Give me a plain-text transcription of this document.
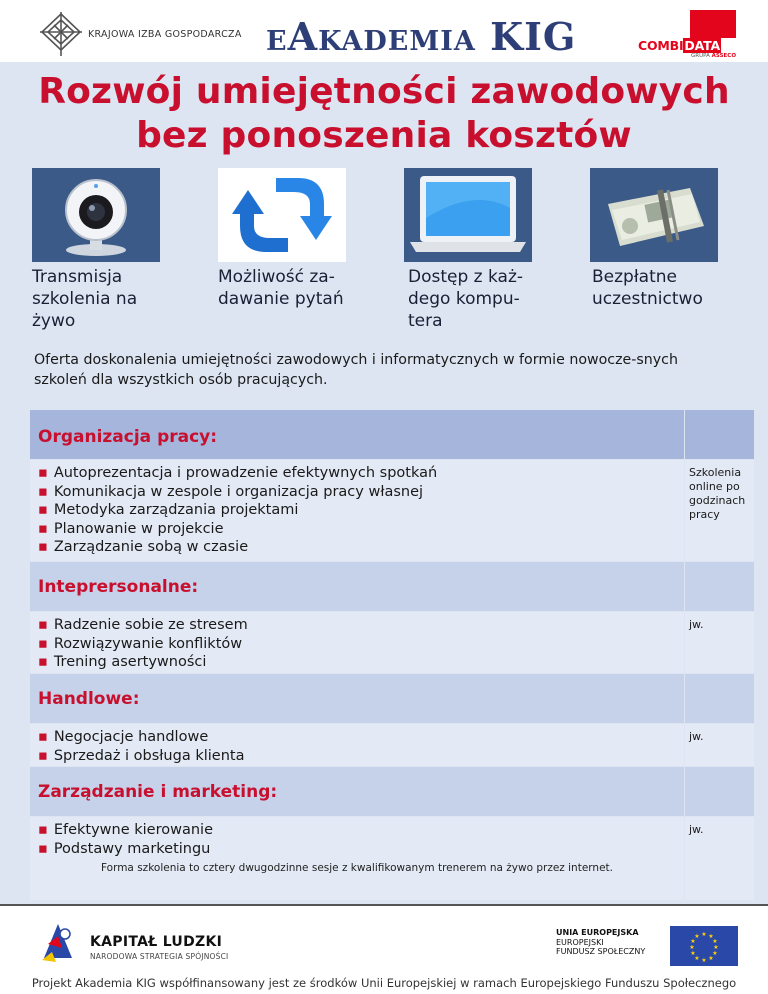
KRAJOWA IZBA GOSPODARCZA eAkademia KIG	COMBIDATA
GRUPA ASSECO
Rozwój umiejętności zawodowych
bez ponoszenia kosztów
Transmisja
szkolenia na
żywo
Możliwość za-
dawanie pytań
Dostęp z każ-
dego kompu-
tera
Bezpłatne
uczestnictwo
Oferta doskonalenia umiejętności zawodowych i informatycznych w formie nowocze-snych szkoleń dla wszystkich osób pracujących.
Organizacja pracy:
▪ Autoprezentacja i prowadzenie efektywnych spotkań
▪ Komunikacja w zespole i organizacja pracy własnej
▪ Metodyka zarządzania projektami
▪ Planowanie w projekcie
▪ Zarządzanie sobą w czasie
Szkolenia online po godzinach pracy
Inteprersonalne:
▪ Radzenie sobie ze stresem
▪ Rozwiązywanie konfliktów
▪ Trening asertywności
jw.
Handlowe:
▪ Negocjacje handlowe
▪ Sprzedaż i obsługa klienta
jw.
Zarządzanie i marketing:
▪ Efektywne kierowanie
▪ Podstawy marketingu
jw.
Forma szkolenia to cztery dwugodzinne sesje z kwalifikowanym trenerem na żywo przez internet.
KAPITAŁ LUDZKI
NARODOWA STRATEGIA SPÓJNOŚCI
UNIA EUROPEJSKA
EUROPEJSKI
FUNDUSZ SPOŁECZNY
★ ★
★
★
★
★
★
★
★
★
★
★
Projekt Akademia KIG współfinansowany jest ze środków Unii Europejskiej w ramach Europejskiego Funduszu Społecznego
